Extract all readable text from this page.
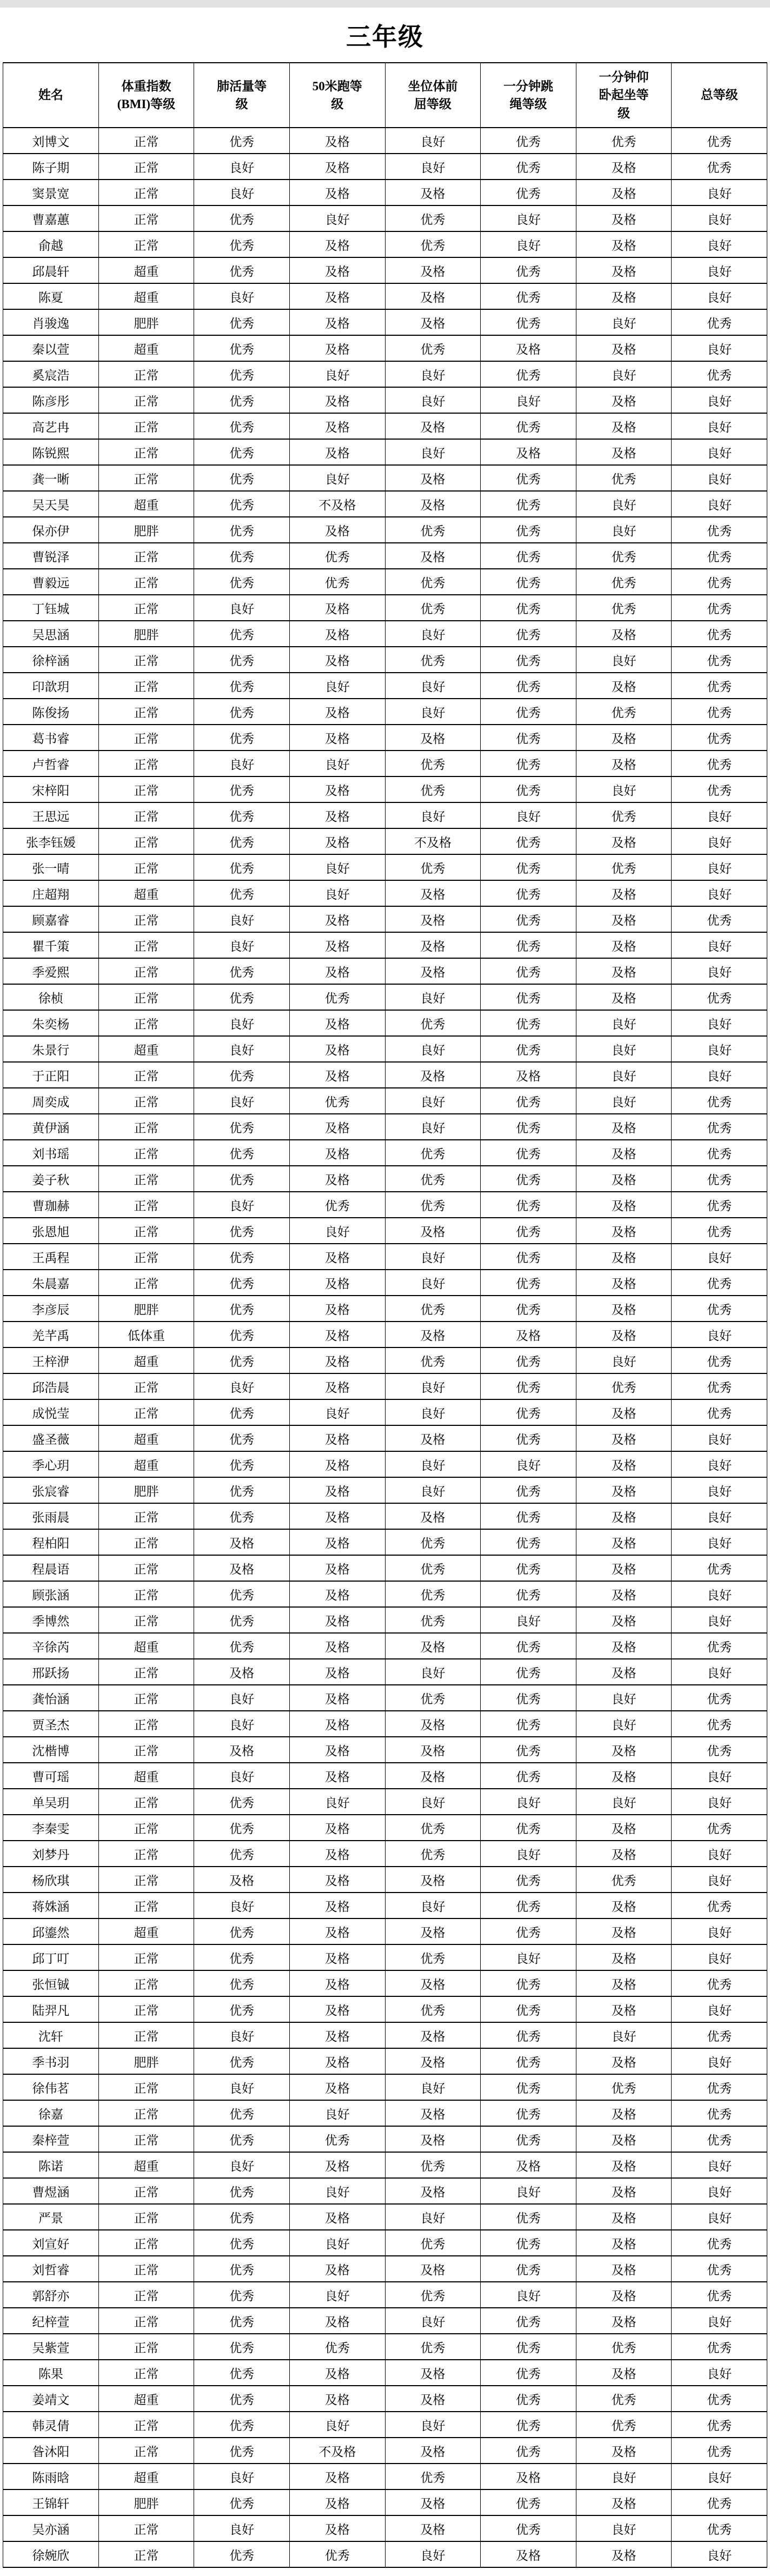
三年级
姓名	体重指数(BMI)等级	肺活量等级	50米跑等级	坐位体前屈等级	一分钟跳绳等级	一分钟仰卧起坐等级	总等级
刘博文	正常	优秀	及格	良好	优秀	优秀	优秀
陈子期	正常	良好	及格	良好	优秀	及格	优秀
窦景宽	正常	良好	及格	及格	优秀	及格	良好
曹嘉蕙	正常	优秀	良好	优秀	良好	及格	良好
俞越	正常	优秀	及格	优秀	良好	及格	良好
邱晨轩	超重	优秀	及格	及格	优秀	及格	良好
陈夏	超重	良好	及格	及格	优秀	及格	良好
肖骏逸	肥胖	优秀	及格	及格	优秀	良好	优秀
秦以萱	超重	优秀	及格	优秀	及格	及格	良好
奚宸浩	正常	优秀	良好	良好	优秀	良好	优秀
陈彦彤	正常	优秀	及格	良好	良好	及格	良好
高艺冉	正常	优秀	及格	及格	优秀	及格	良好
陈锐熙	正常	优秀	及格	良好	及格	及格	良好
龚一晰	正常	优秀	良好	及格	优秀	优秀	良好
吴天昊	超重	优秀	不及格	及格	优秀	良好	良好
保亦伊	肥胖	优秀	及格	优秀	优秀	良好	优秀
曹锐泽	正常	优秀	优秀	及格	优秀	优秀	优秀
曹毅远	正常	优秀	优秀	优秀	优秀	优秀	优秀
丁钰城	正常	良好	及格	优秀	优秀	优秀	优秀
吴思涵	肥胖	优秀	及格	良好	优秀	及格	优秀
徐梓涵	正常	优秀	及格	优秀	优秀	良好	优秀
印歆玥	正常	优秀	良好	良好	优秀	及格	优秀
陈俊扬	正常	优秀	及格	良好	优秀	优秀	优秀
葛书睿	正常	优秀	及格	及格	优秀	及格	优秀
卢哲睿	正常	良好	良好	优秀	优秀	及格	优秀
宋梓阳	正常	优秀	及格	优秀	优秀	良好	优秀
王思远	正常	优秀	及格	良好	良好	优秀	良好
张李钰媛	正常	优秀	及格	不及格	优秀	及格	良好
张一晴	正常	优秀	良好	优秀	优秀	优秀	良好
庄超翔	超重	优秀	良好	及格	优秀	及格	良好
顾嘉睿	正常	良好	及格	及格	优秀	及格	优秀
瞿千策	正常	良好	及格	及格	优秀	及格	良好
季爱熙	正常	优秀	及格	及格	优秀	及格	良好
徐桢	正常	优秀	优秀	良好	优秀	及格	优秀
朱奕杨	正常	良好	及格	优秀	优秀	良好	良好
朱景行	超重	良好	及格	良好	优秀	良好	良好
于正阳	正常	优秀	及格	及格	及格	良好	良好
周奕成	正常	良好	优秀	良好	优秀	良好	优秀
黄伊涵	正常	优秀	及格	良好	优秀	及格	优秀
刘书瑶	正常	优秀	及格	优秀	优秀	及格	优秀
姜子秋	正常	优秀	及格	优秀	优秀	及格	优秀
曹珈赫	正常	良好	优秀	优秀	优秀	及格	优秀
张恩旭	正常	优秀	良好	及格	优秀	及格	优秀
王禹程	正常	优秀	及格	良好	优秀	及格	良好
朱晨嘉	正常	优秀	及格	良好	优秀	及格	优秀
李彦辰	肥胖	优秀	及格	优秀	优秀	及格	优秀
羌芊禹	低体重	优秀	及格	及格	及格	及格	良好
王梓洢	超重	优秀	及格	优秀	优秀	良好	优秀
邱浩晨	正常	良好	及格	良好	优秀	优秀	优秀
成悦莹	正常	优秀	良好	良好	优秀	及格	优秀
盛圣薇	超重	优秀	及格	及格	优秀	及格	良好
季心玥	超重	优秀	及格	良好	良好	及格	良好
张宸睿	肥胖	优秀	及格	良好	优秀	及格	良好
张雨晨	正常	优秀	及格	及格	优秀	及格	良好
程柏阳	正常	及格	及格	优秀	优秀	及格	良好
程晨语	正常	及格	及格	优秀	优秀	及格	优秀
顾张涵	正常	优秀	及格	优秀	优秀	及格	良好
季博然	正常	优秀	及格	优秀	良好	及格	良好
辛徐芮	超重	优秀	及格	及格	优秀	及格	优秀
邢跃扬	正常	及格	及格	良好	优秀	及格	良好
龚怡涵	正常	良好	及格	优秀	优秀	良好	优秀
贾圣杰	正常	良好	及格	及格	优秀	良好	优秀
沈楷博	正常	及格	及格	及格	优秀	及格	优秀
曹可瑶	超重	良好	及格	及格	优秀	及格	良好
单吴玥	正常	优秀	良好	良好	良好	良好	良好
李秦雯	正常	优秀	及格	优秀	优秀	及格	优秀
刘梦丹	正常	优秀	及格	优秀	良好	及格	良好
杨欣琪	正常	及格	及格	及格	优秀	优秀	良好
蒋姝涵	正常	良好	及格	良好	优秀	及格	优秀
邱鎏然	超重	优秀	及格	及格	优秀	及格	良好
邱丁叮	正常	优秀	及格	优秀	良好	及格	良好
张恒铖	正常	优秀	及格	及格	优秀	及格	优秀
陆羿凡	正常	优秀	及格	优秀	优秀	及格	良好
沈轩	正常	良好	及格	及格	优秀	良好	优秀
季书羽	肥胖	优秀	及格	及格	优秀	及格	良好
徐伟茗	正常	良好	及格	良好	优秀	优秀	优秀
徐嘉	正常	优秀	良好	及格	优秀	及格	优秀
秦梓萱	正常	优秀	优秀	及格	优秀	及格	优秀
陈诺	超重	良好	及格	优秀	及格	及格	良好
曹煜涵	正常	优秀	良好	及格	良好	及格	良好
严景	正常	优秀	及格	良好	优秀	及格	良好
刘宣好	正常	优秀	良好	优秀	优秀	及格	优秀
刘哲睿	正常	优秀	及格	及格	优秀	及格	优秀
郭舒亦	正常	优秀	良好	优秀	良好	及格	优秀
纪梓萱	正常	优秀	及格	良好	优秀	及格	良好
吴紫萱	正常	优秀	优秀	优秀	优秀	优秀	优秀
陈果	正常	优秀	及格	及格	优秀	及格	良好
姜靖文	超重	优秀	及格	及格	优秀	优秀	优秀
韩灵倩	正常	优秀	良好	良好	优秀	优秀	优秀
昝沐阳	正常	优秀	不及格	及格	优秀	及格	优秀
陈雨晗	超重	良好	及格	优秀	及格	良好	良好
王锦轩	肥胖	优秀	及格	及格	优秀	及格	优秀
吴亦涵	正常	良好	及格	及格	优秀	良好	优秀
徐婉欣	正常	优秀	优秀	良好	及格	及格	良好
